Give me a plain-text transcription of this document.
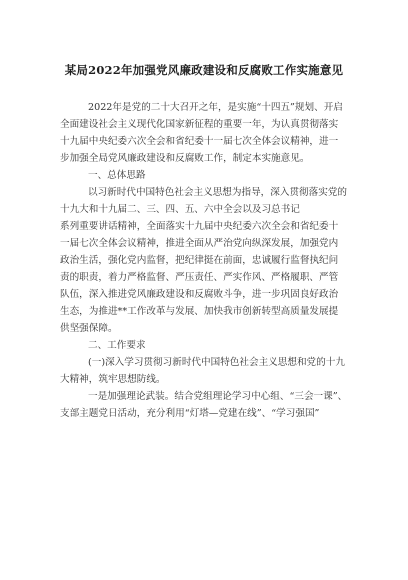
某局2022年加强党风廉政建设和反腐败工作实施意见
2022年是党的二十大召开之年，是实施“十四五”规划、开启
全面建设社会主义现代化国家新征程的重要一年，为认真贯彻落实
十九届中央纪委六次全会和省纪委十一届七次全体会议精神，进一
步加强全局党风廉政建设和反腐败工作，制定本实施意见。
一、总体思路
以习新时代中国特色社会主义思想为指导，深入贯彻落实党的
十九大和十九届二、三、四、五、六中全会以及习总书记
系列重要讲话精神，全面落实十九届中央纪委六次全会和省纪委十
一届七次全体会议精神，推进全面从严治党向纵深发展，加强党内
政治生活，强化党内监督，把纪律挺在前面，忠诚履行监督执纪问
责的职责，着力严格监督、严压责任、严实作风、严格履职、严管
队伍，深入推进党风廉政建设和反腐败斗争，进一步巩固良好政治
生态，为推进**工作改革与发展、加快我市创新转型高质量发展提
供坚强保障。
二、工作要求
(一)深入学习贯彻习新时代中国特色社会主义思想和党的十九
大精神，筑牢思想防线。
一是加强理论武装。结合党组理论学习中心组、“三会一课”、
支部主题党日活动，充分利用“灯塔—党建在线”、“学习强国”
